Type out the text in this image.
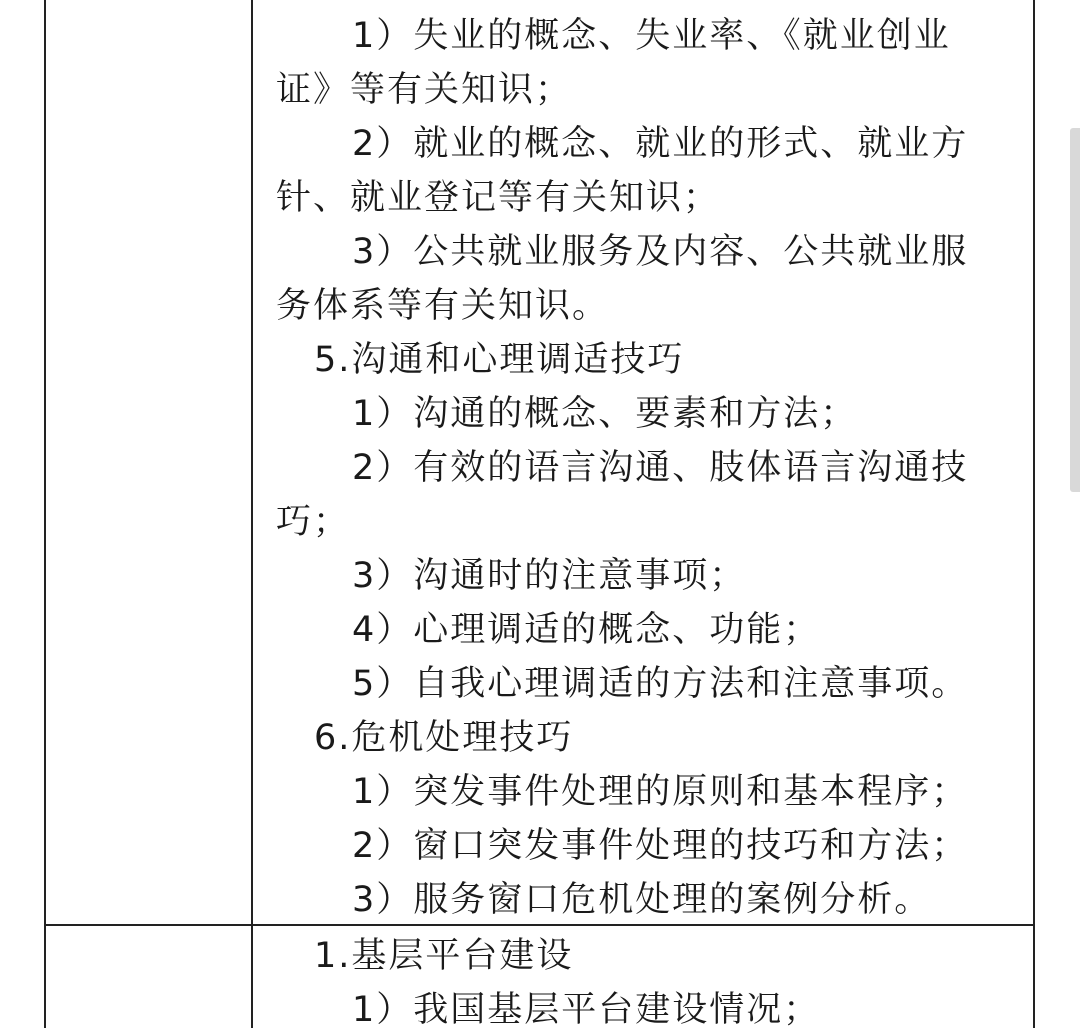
1）失业的概念、失业率、《就业创业
证》等有关知识；
2）就业的概念、就业的形式、就业方
针、就业登记等有关知识；
3）公共就业服务及内容、公共就业服
务体系等有关知识。
5.沟通和心理调适技巧
1）沟通的概念、要素和方法；
2）有效的语言沟通、肢体语言沟通技
巧；
3）沟通时的注意事项；
4）心理调适的概念、功能；
5）自我心理调适的方法和注意事项。
6.危机处理技巧
1）突发事件处理的原则和基本程序；
2）窗口突发事件处理的技巧和方法；
3）服务窗口危机处理的案例分析。
1.基层平台建设
1）我国基层平台建设情况；
